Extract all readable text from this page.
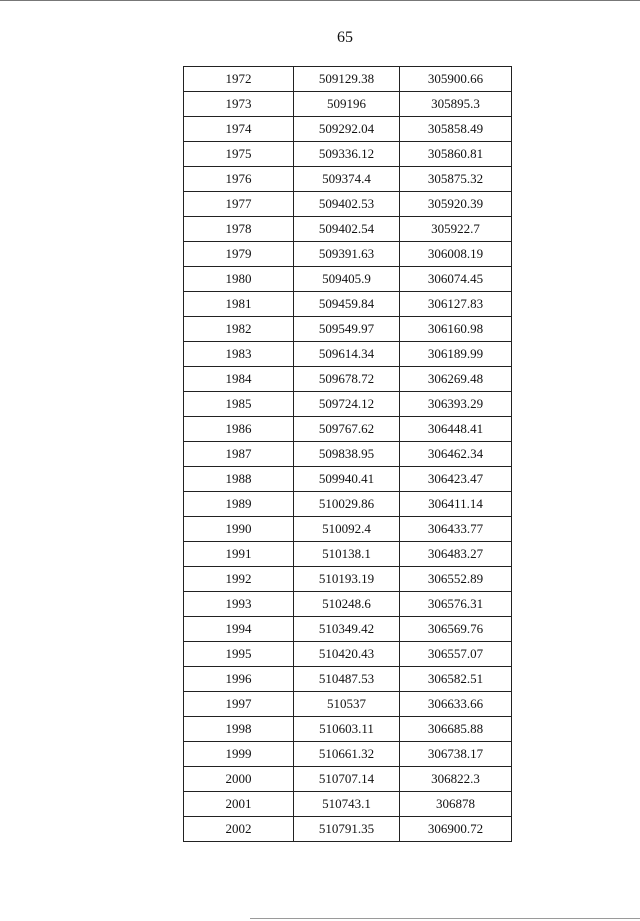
65
1972	509129.38	305900.66
1973	509196	305895.3
1974	509292.04	305858.49
1975	509336.12	305860.81
1976	509374.4	305875.32
1977	509402.53	305920.39
1978	509402.54	305922.7
1979	509391.63	306008.19
1980	509405.9	306074.45
1981	509459.84	306127.83
1982	509549.97	306160.98
1983	509614.34	306189.99
1984	509678.72	306269.48
1985	509724.12	306393.29
1986	509767.62	306448.41
1987	509838.95	306462.34
1988	509940.41	306423.47
1989	510029.86	306411.14
1990	510092.4	306433.77
1991	510138.1	306483.27
1992	510193.19	306552.89
1993	510248.6	306576.31
1994	510349.42	306569.76
1995	510420.43	306557.07
1996	510487.53	306582.51
1997	510537	306633.66
1998	510603.11	306685.88
1999	510661.32	306738.17
2000	510707.14	306822.3
2001	510743.1	306878
2002	510791.35	306900.72
